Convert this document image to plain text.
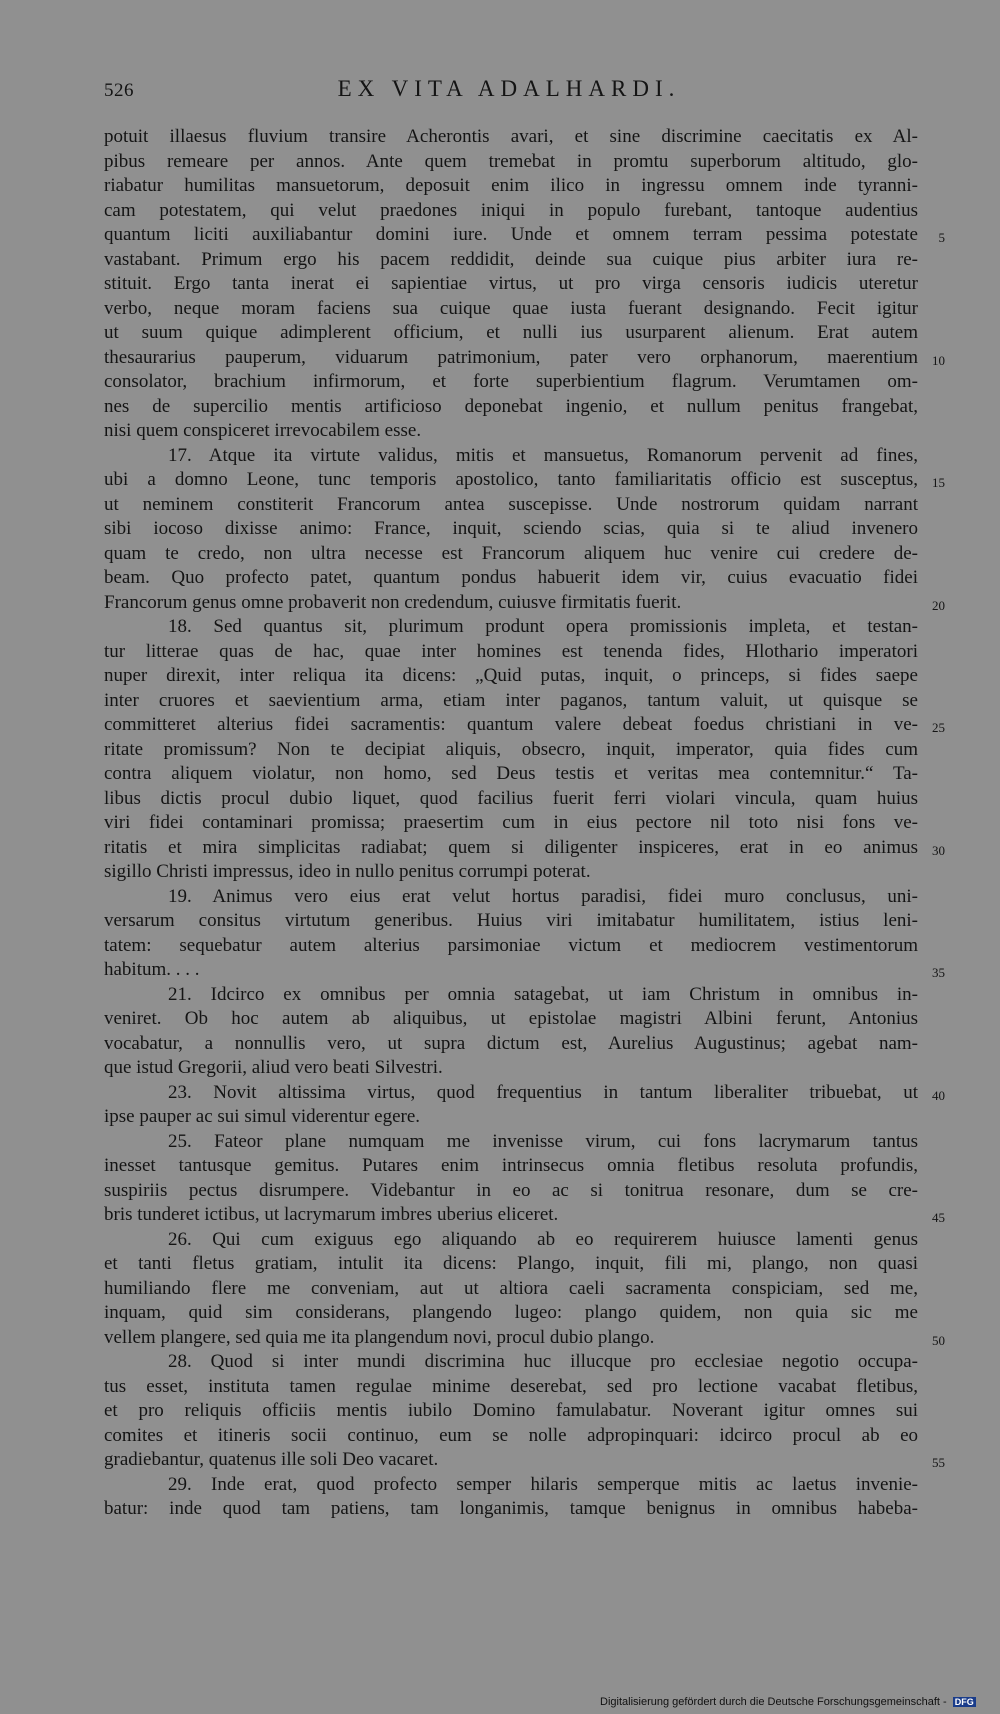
526	EX VITA ADALHARDI.
potuit illaesus fluvium transire Acherontis avari, et sine discrimine caecitatis ex Al-
pibus remeare per annos. Ante quem tremebat in promtu superborum altitudo, glo-
riabatur humilitas mansuetorum, deposuit enim ilico in ingressu omnem inde tyranni-
cam potestatem, qui velut praedones iniqui in populo furebant, tantoque audentius
quantum liciti auxiliabantur domini iure. Unde et omnem terram pessima potestate 5
vastabant. Primum ergo his pacem reddidit, deinde sua cuique pius arbiter iura re-
stituit. Ergo tanta inerat ei sapientiae virtus, ut pro virga censoris iudicis uteretur
verbo, neque moram faciens sua cuique quae iusta fuerant designando. Fecit igitur
ut suum quique adimplerent officium, et nulli ius usurparent alienum. Erat autem
thesaurarius pauperum, viduarum patrimonium, pater vero orphanorum, maerentium 10
consolator, brachium infirmorum, et forte superbientium flagrum. Verumtamen om-
nes de supercilio mentis artificioso deponebat ingenio, et nullum penitus frangebat,
nisi quem conspiceret irrevocabilem esse.
17. Atque ita virtute validus, mitis et mansuetus, Romanorum pervenit ad fines,
ubi a domno Leone, tunc temporis apostolico, tanto familiaritatis officio est susceptus, 15
ut neminem constiterit Francorum antea suscepisse. Unde nostrorum quidam narrant
sibi iocoso dixisse animo: France, inquit, sciendo scias, quia si te aliud invenero
quam te credo, non ultra necesse est Francorum aliquem huc venire cui credere de-
beam. Quo profecto patet, quantum pondus habuerit idem vir, cuius evacuatio fidei
Francorum genus omne probaverit non credendum, cuiusve firmitatis fuerit.	20
18. Sed quantus sit, plurimum produnt opera promissionis impleta, et testan-
tur litterae quas de hac, quae inter homines est tenenda fides, Hlothario imperatori
nuper direxit, inter reliqua ita dicens: „Quid putas, inquit, o princeps, si fides saepe
inter cruores et saevientium arma, etiam inter paganos, tantum valuit, ut quisque se
committeret alterius fidei sacramentis: quantum valere debeat foedus christiani in ve- 25
ritate promissum? Non te decipiat aliquis, obsecro, inquit, imperator, quia fides cum
contra aliquem violatur, non homo, sed Deus testis et veritas mea contemnitur.“ Ta-
libus dictis procul dubio liquet, quod facilius fuerit ferri violari vincula, quam huius
viri fidei contaminari promissa; praesertim cum in eius pectore nil toto nisi fons ve-
ritatis et mira simplicitas radiabat; quem si diligenter inspiceres, erat in eo animus 30
sigillo Christi impressus, ideo in nullo penitus corrumpi poterat.
19. Animus vero eius erat velut hortus paradisi, fidei muro conclusus, uni-
versarum consitus virtutum generibus. Huius viri imitabatur humilitatem, istius leni-
tatem: sequebatur autem alterius parsimoniae victum et mediocrem vestimentorum
habitum. . . .	35
21. Idcirco ex omnibus per omnia satagebat, ut iam Christum in omnibus in-
veniret. Ob hoc autem ab aliquibus, ut epistolae magistri Albini ferunt, Antonius
vocabatur, a nonnullis vero, ut supra dictum est, Aurelius Augustinus; agebat nam-
que istud Gregorii, aliud vero beati Silvestri.
23. Novit altissima virtus, quod frequentius in tantum liberaliter tribuebat, ut 40
ipse pauper ac sui simul viderentur egere.
25. Fateor plane numquam me invenisse virum, cui fons lacrymarum tantus
inesset tantusque gemitus. Putares enim intrinsecus omnia fletibus resoluta profundis,
suspiriis pectus disrumpere. Videbantur in eo ac si tonitrua resonare, dum se cre-
bris tunderet ictibus, ut lacrymarum imbres uberius eliceret.	45
26. Qui cum exiguus ego aliquando ab eo requirerem huiusce lamenti genus
et tanti fletus gratiam, intulit ita dicens: Plango, inquit, fili mi, plango, non quasi
humiliando flere me conveniam, aut ut altiora caeli sacramenta conspiciam, sed me,
inquam, quid sim considerans, plangendo lugeo: plango quidem, non quia sic me
vellem plangere, sed quia me ita plangendum novi, procul dubio plango.	50
28. Quod si inter mundi discrimina huc illucque pro ecclesiae negotio occupa-
tus esset, instituta tamen regulae minime deserebat, sed pro lectione vacabat fletibus,
et pro reliquis officiis mentis iubilo Domino famulabatur. Noverant igitur omnes sui
comites et itineris socii continuo, eum se nolle adpropinquari: idcirco procul ab eo
gradiebantur, quatenus ille soli Deo vacaret.	55
29. Inde erat, quod profecto semper hilaris semperque mitis ac laetus invenie-
batur: inde quod tam patiens, tam longanimis, tamque benignus in omnibus habeba-
Digitalisierung gefördert durch die Deutsche Forschungsgemeinschaft - DFG
